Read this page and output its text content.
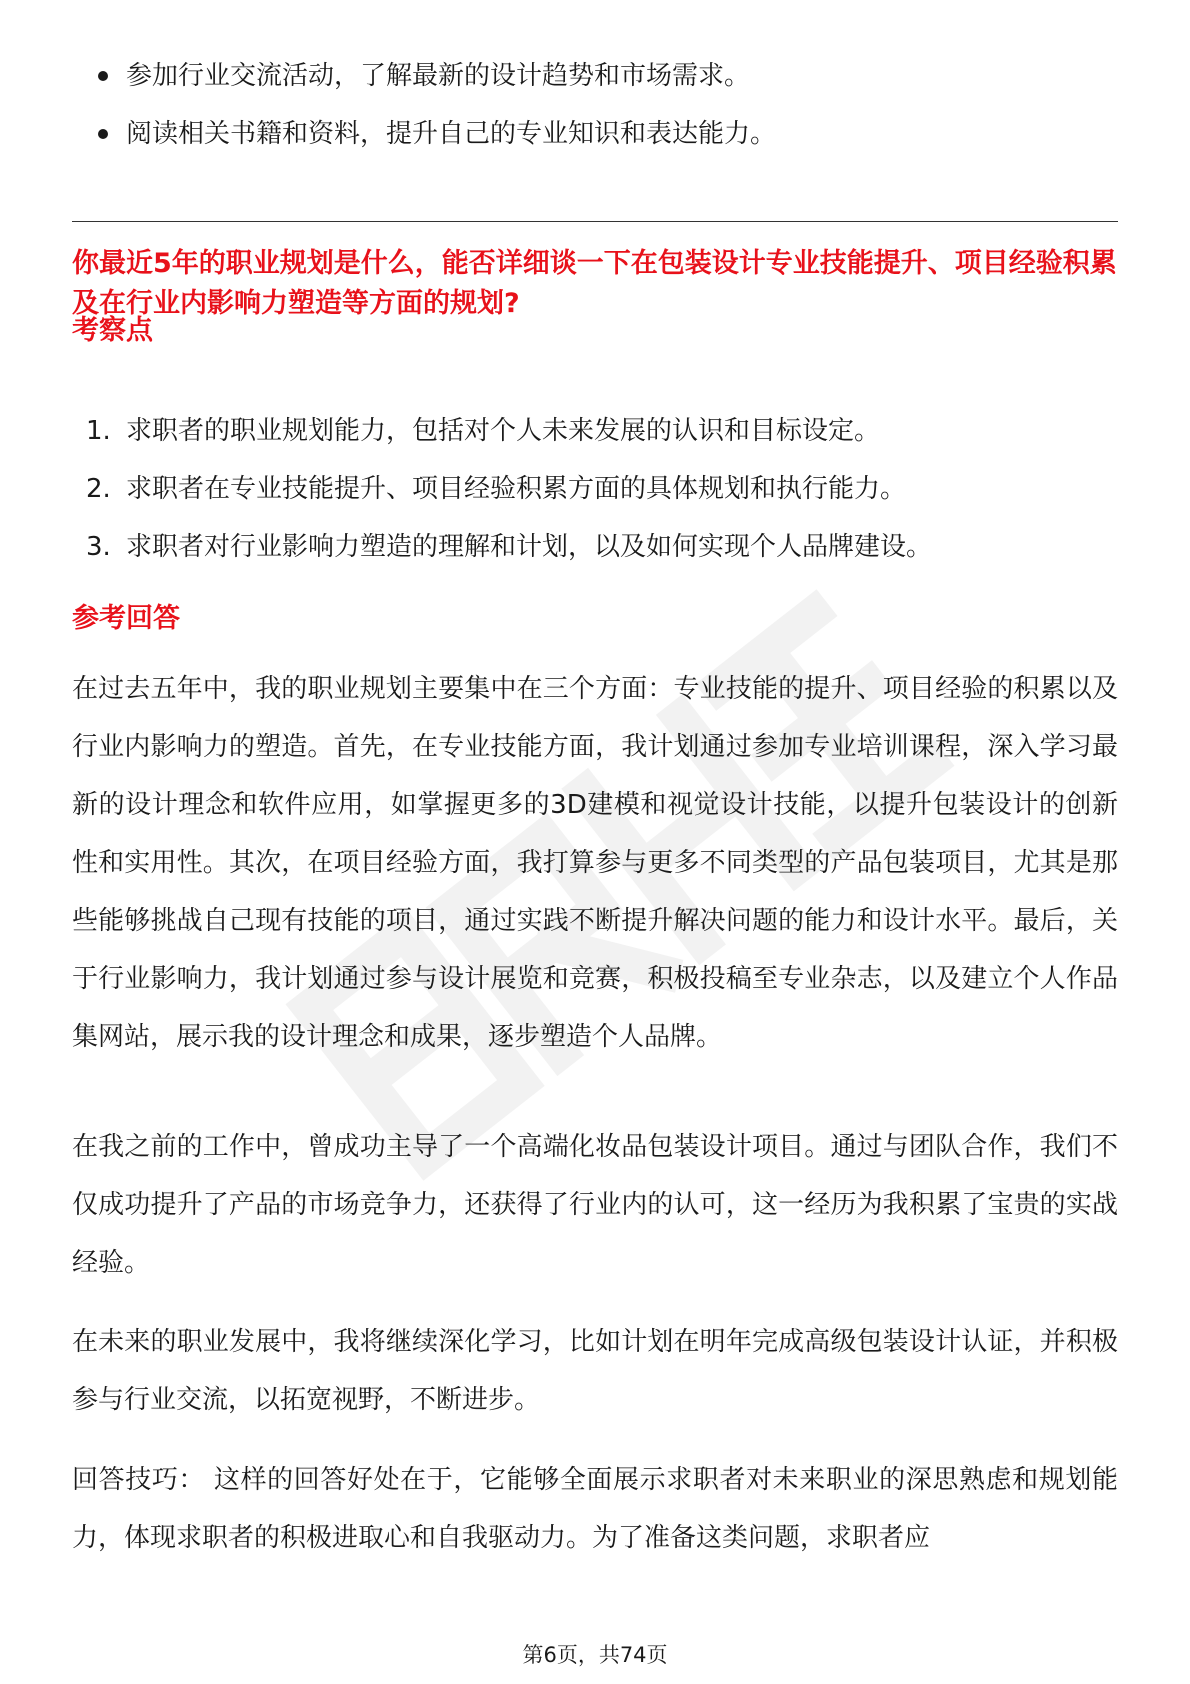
参加行业交流活动，了解最新的设计趋势和市场需求。
阅读相关书籍和资料，提升自己的专业知识和表达能力。
你最近5年的职业规划是什么，能否详细谈一下在包装设计专业技能提升、项目经验积累及在行业内影响力塑造等方面的规划?
考察点
1. 求职者的职业规划能力，包括对个人未来发展的认识和目标设定。
2. 求职者在专业技能提升、项目经验积累方面的具体规划和执行能力。
3. 求职者对行业影响力塑造的理解和计划，以及如何实现个人品牌建设。
参考回答

在过去五年中，我的职业规划主要集中在三个方面：专业技能的提升、项目经验的积累以及行业内影响力的塑造。首先，在专业技能方面，我计划通过参加专业培训课程，深入学习最新的设计理念和软件应用，如掌握更多的3D建模和视觉设计技能，以提升包装设计的创新性和实用性。其次，在项目经验方面，我打算参与更多不同类型的产品包装项目，尤其是那些能够挑战自己现有技能的项目，通过实践不断提升解决问题的能力和设计水平。最后，关于行业影响力，我计划通过参与设计展览和竞赛，积极投稿至专业杂志，以及建立个人作品集网站，展示我的设计理念和成果，逐步塑造个人品牌。

在我之前的工作中，曾成功主导了一个高端化妆品包装设计项目。通过与团队合作，我们不仅成功提升了产品的市场竞争力，还获得了行业内的认可，这一经历为我积累了宝贵的实战经验。

在未来的职业发展中，我将继续深化学习，比如计划在明年完成高级包装设计认证，并积极参与行业交流，以拓宽视野，不断进步。

回答技巧： 这样的回答好处在于，它能够全面展示求职者对未来职业的深思熟虑和规划能力，体现求职者的积极进取心和自我驱动力。为了准备这类问题，求职者应

第6页，共74页
